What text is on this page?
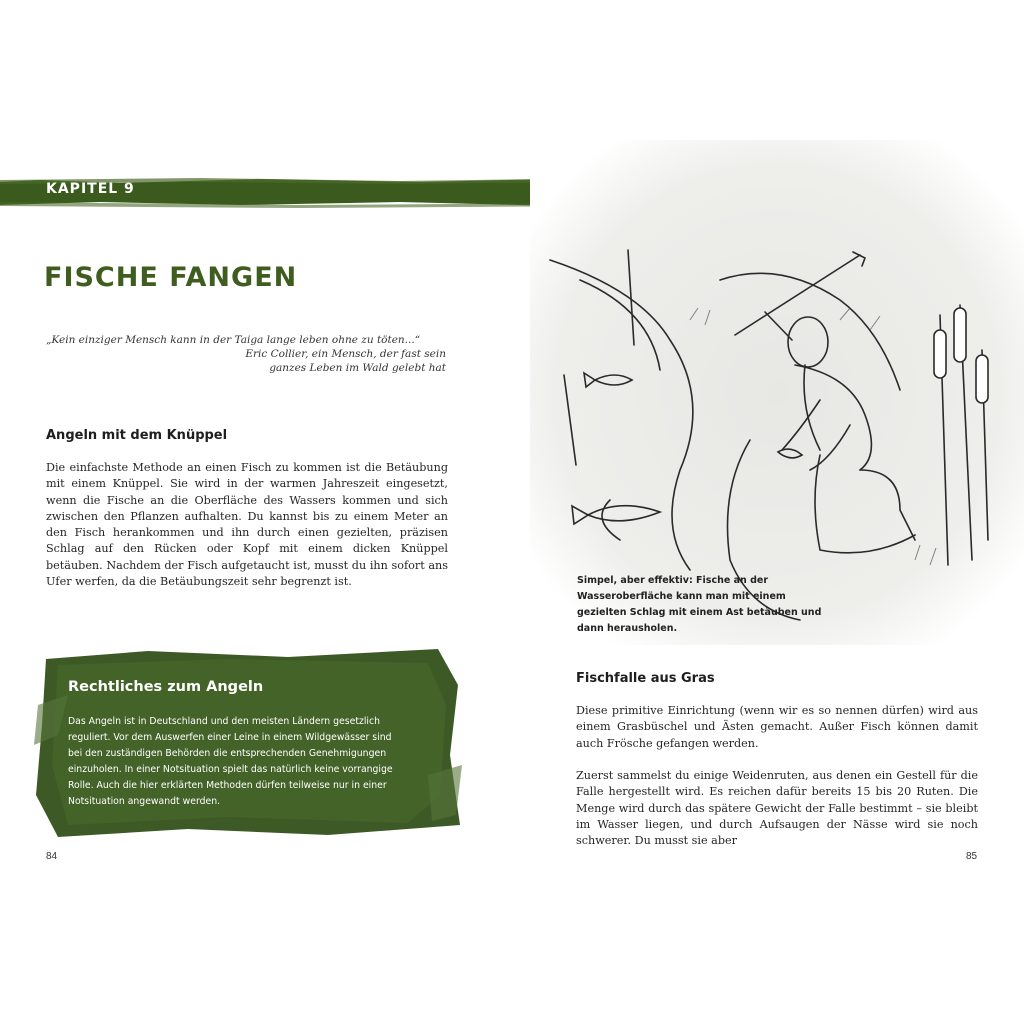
KAPITEL 9
FISCHE FANGEN
„Kein einziger Mensch kann in der Taiga lange leben ohne zu töten...“
Eric Collier, ein Mensch, der fast sein
ganzes Leben im Wald gelebt hat
Angeln mit dem Knüppel

Die einfachste Methode an einen Fisch zu kommen ist die Betäubung mit einem Knüppel. Sie wird in der warmen Jahreszeit eingesetzt, wenn die Fische an die Oberfläche des Wassers kommen und sich zwischen den Pflanzen aufhalten. Du kannst bis zu einem Meter an den Fisch herankommen und ihn durch einen gezielten, präzisen Schlag auf den Rücken oder Kopf mit einem dicken Knüppel betäuben. Nachdem der Fisch aufgetaucht ist, musst du ihn sofort ans Ufer werfen, da die Betäubungszeit sehr begrenzt ist.

Rechtliches zum Angeln

Das Angeln ist in Deutschland und den meisten Ländern gesetzlich reguliert. Vor dem Auswerfen einer Leine in einem Wildgewässer sind bei den zuständigen Behörden die entsprechenden Genehmigungen einzuholen. In einer Notsituation spielt das natürlich keine vorrangige Rolle. Auch die hier erklärten Methoden dürfen teilweise nur in einer Notsituation angewandt werden.

84

Simpel, aber effektiv: Fische an der Wasseroberfläche kann man mit einem gezielten Schlag mit einem Ast betäuben und dann herausholen.

Fischfalle aus Gras

Diese primitive Einrichtung (wenn wir es so nennen dürfen) wird aus einem Grasbüschel und Ästen gemacht. Außer Fisch können damit auch Frösche gefangen werden.

Zuerst sammelst du einige Weidenruten, aus denen ein Gestell für die Falle hergestellt wird. Es reichen dafür bereits 15 bis 20 Ruten. Die Menge wird durch das spätere Gewicht der Falle bestimmt – sie bleibt im Wasser liegen, und durch Aufsaugen der Nässe wird sie noch schwerer. Du musst sie aber

85
